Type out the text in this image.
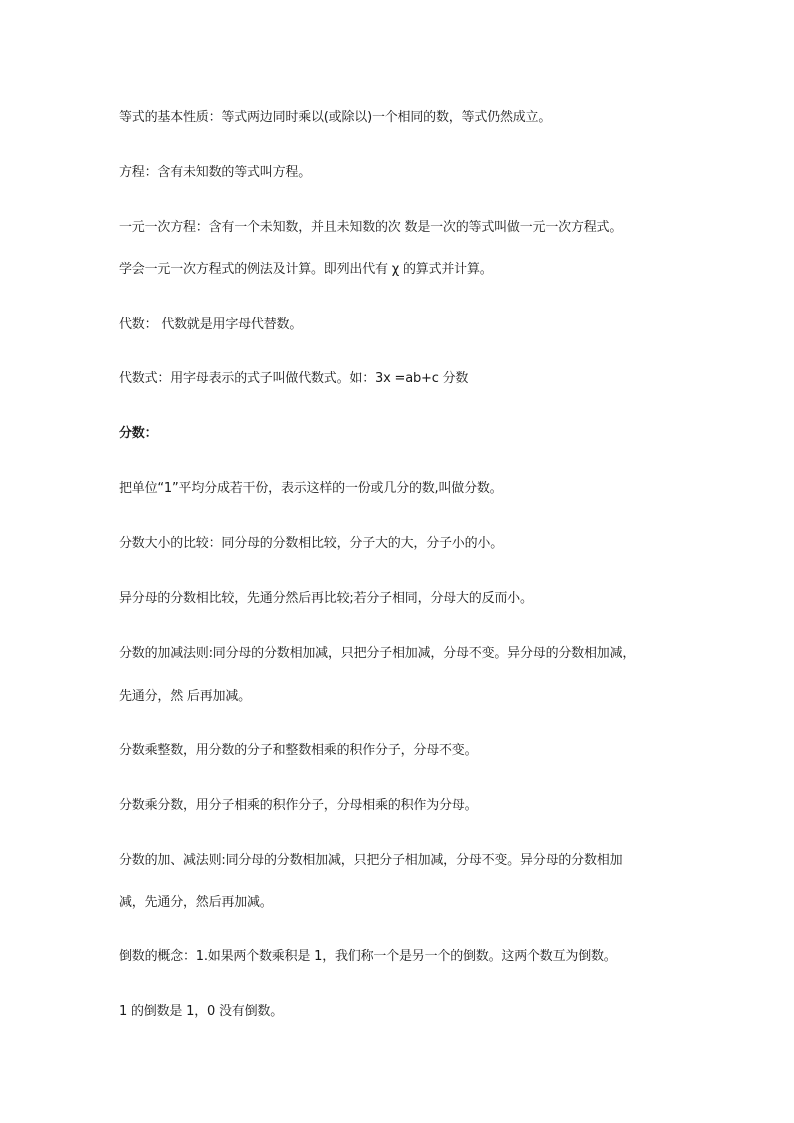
等式的基本性质：等式两边同时乘以(或除以)一个相同的数，等式仍然成立。
方程：含有未知数的等式叫方程。
一元一次方程：含有一个未知数，并且未知数的次 数是一次的等式叫做一元一次方程式。
学会一元一次方程式的例法及计算。即列出代有 χ 的算式并计算。
代数： 代数就是用字母代替数。
代数式：用字母表示的式子叫做代数式。如：3x =ab+c 分数
分数：
把单位“1”平均分成若干份，表示这样的一份或几分的数,叫做分数。
分数大小的比较：同分母的分数相比较，分子大的大，分子小的小。
异分母的分数相比较，先通分然后再比较;若分子相同，分母大的反而小。
分数的加减法则:同分母的分数相加减，只把分子相加减，分母不变。异分母的分数相加减，
先通分，然 后再加减。
分数乘整数，用分数的分子和整数相乘的积作分子，分母不变。
分数乘分数，用分子相乘的积作分子，分母相乘的积作为分母。
分数的加、减法则:同分母的分数相加减，只把分子相加减，分母不变。异分母的分数相加
减，先通分，然后再加减。
倒数的概念：1.如果两个数乘积是 1，我们称一个是另一个的倒数。这两个数互为倒数。
1 的倒数是 1，0 没有倒数。
